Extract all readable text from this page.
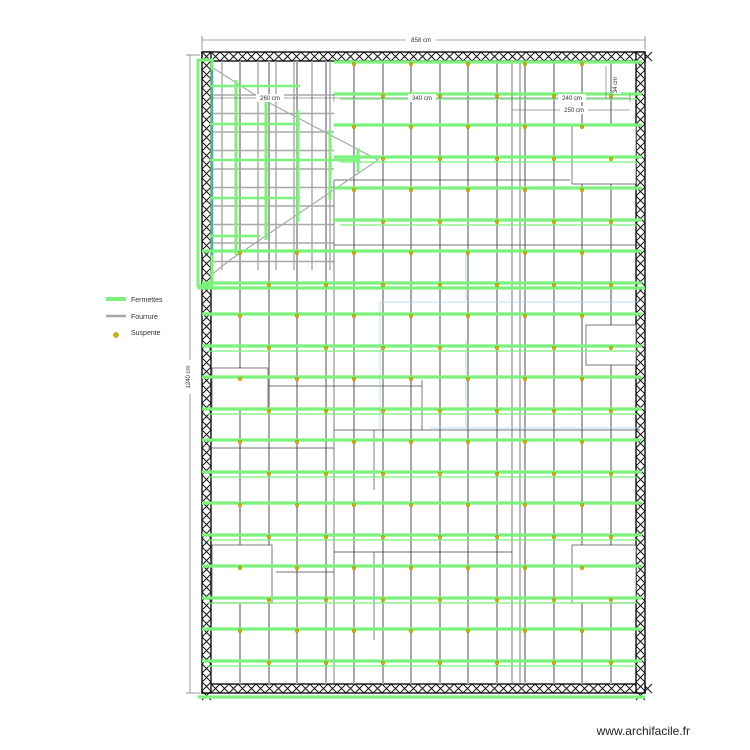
858 cm
1240 cm
260 cm	340 cm	240 cm
250 cm
34 cm
Fermettes
Fourrure
Suspente
www.archifacile.fr
